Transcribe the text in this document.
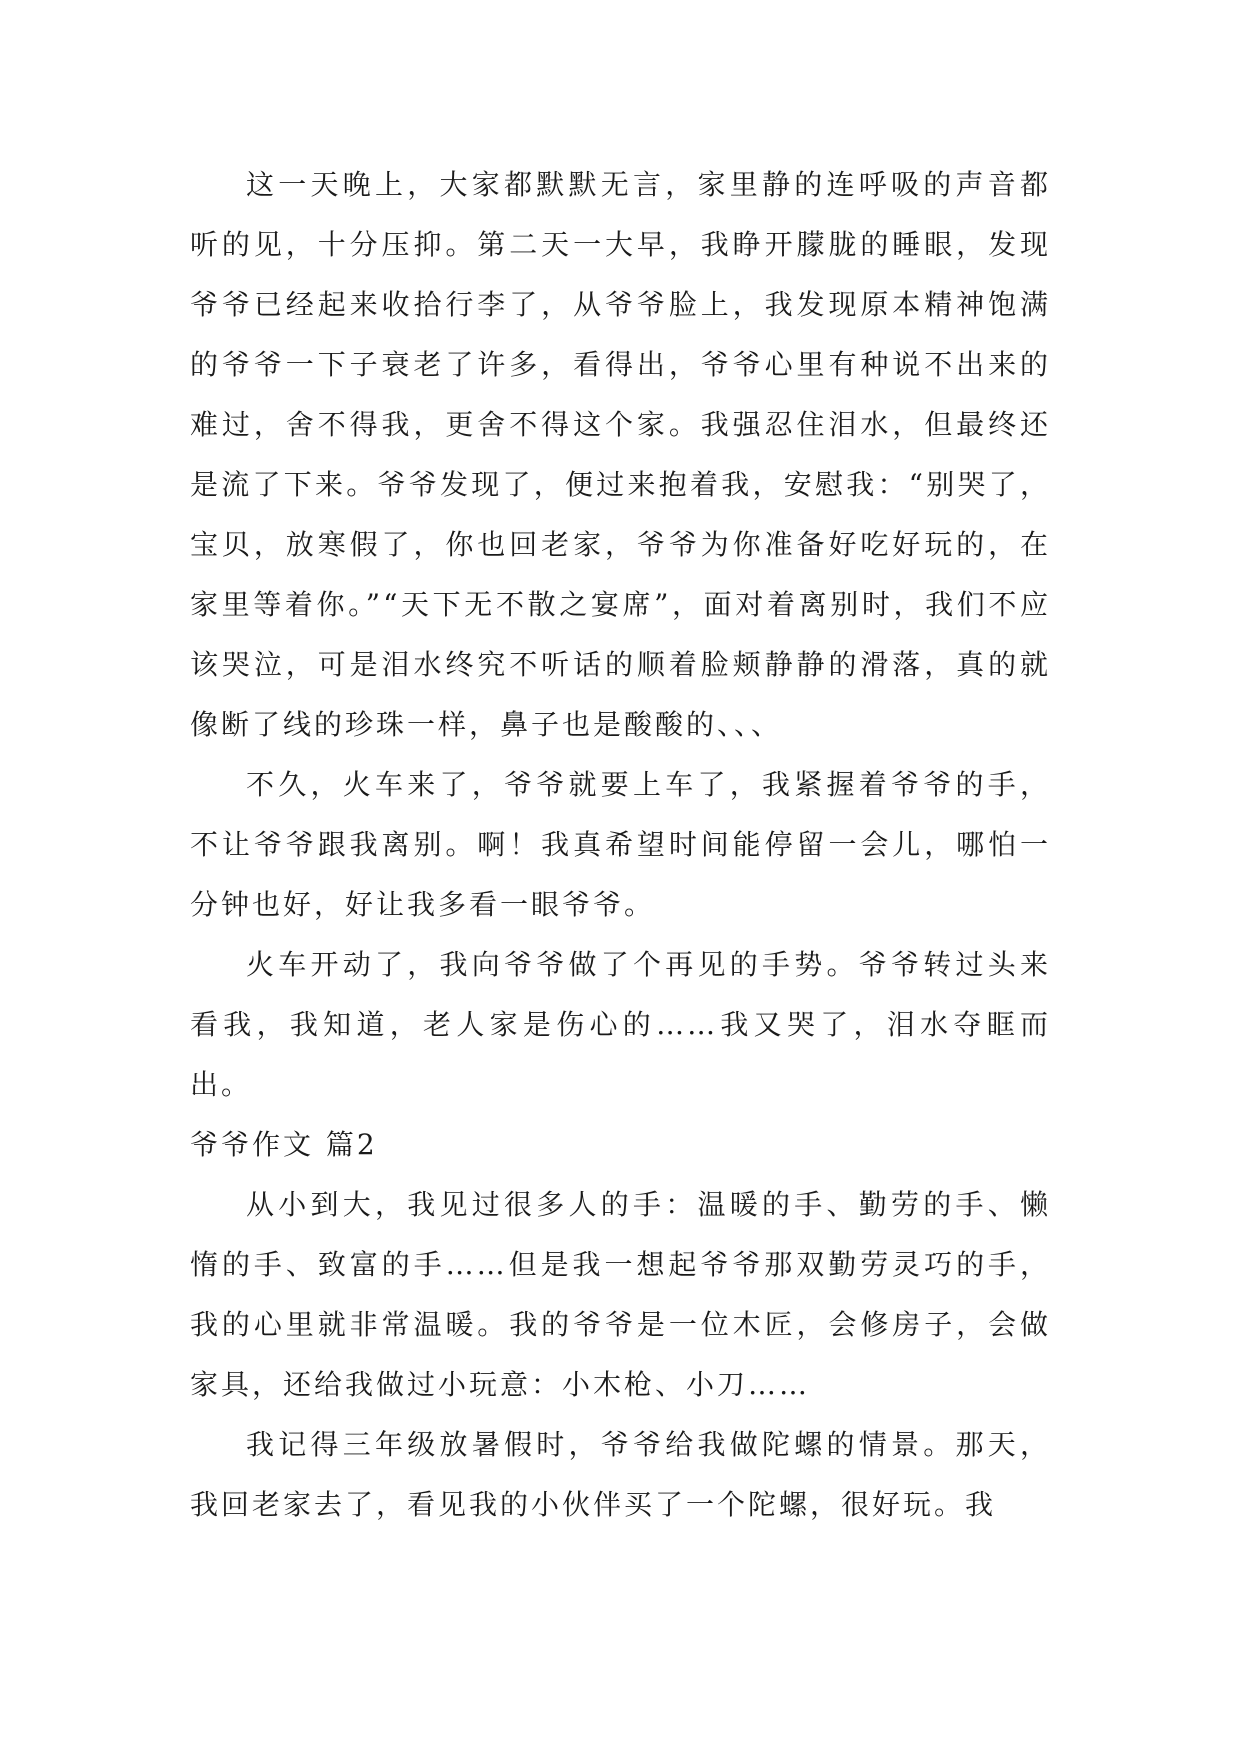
这一天晚上，大家都默默无言，家里静的连呼吸的声音都听的见，十分压抑。第二天一大早，我睁开朦胧的睡眼，发现爷爷已经起来收拾行李了，从爷爷脸上，我发现原本精神饱满的爷爷一下子衰老了许多，看得出，爷爷心里有种说不出来的难过，舍不得我，更舍不得这个家。我强忍住泪水，但最终还是流了下来。爷爷发现了，便过来抱着我，安慰我：“别哭了，宝贝，放寒假了，你也回老家，爷爷为你准备好吃好玩的，在家里等着你。”“天下无不散之宴席”，面对着离别时，我们不应该哭泣，可是泪水终究不听话的顺着脸颊静静的滑落，真的就像断了线的珍珠一样，鼻子也是酸酸的、、、

不久，火车来了，爷爷就要上车了，我紧握着爷爷的手，不让爷爷跟我离别。啊！我真希望时间能停留一会儿，哪怕一分钟也好，好让我多看一眼爷爷。

火车开动了，我向爷爷做了个再见的手势。爷爷转过头来看我，我知道，老人家是伤心的……我又哭了，泪水夺眶而出。

爷爷作文 篇2

从小到大，我见过很多人的手：温暖的手、勤劳的手、懒惰的手、致富的手……但是我一想起爷爷那双勤劳灵巧的手，我的心里就非常温暖。我的爷爷是一位木匠，会修房子，会做家具，还给我做过小玩意：小木枪、小刀……

我记得三年级放暑假时，爷爷给我做陀螺的情景。那天，我回老家去了，看见我的小伙伴买了一个陀螺，很好玩。我
